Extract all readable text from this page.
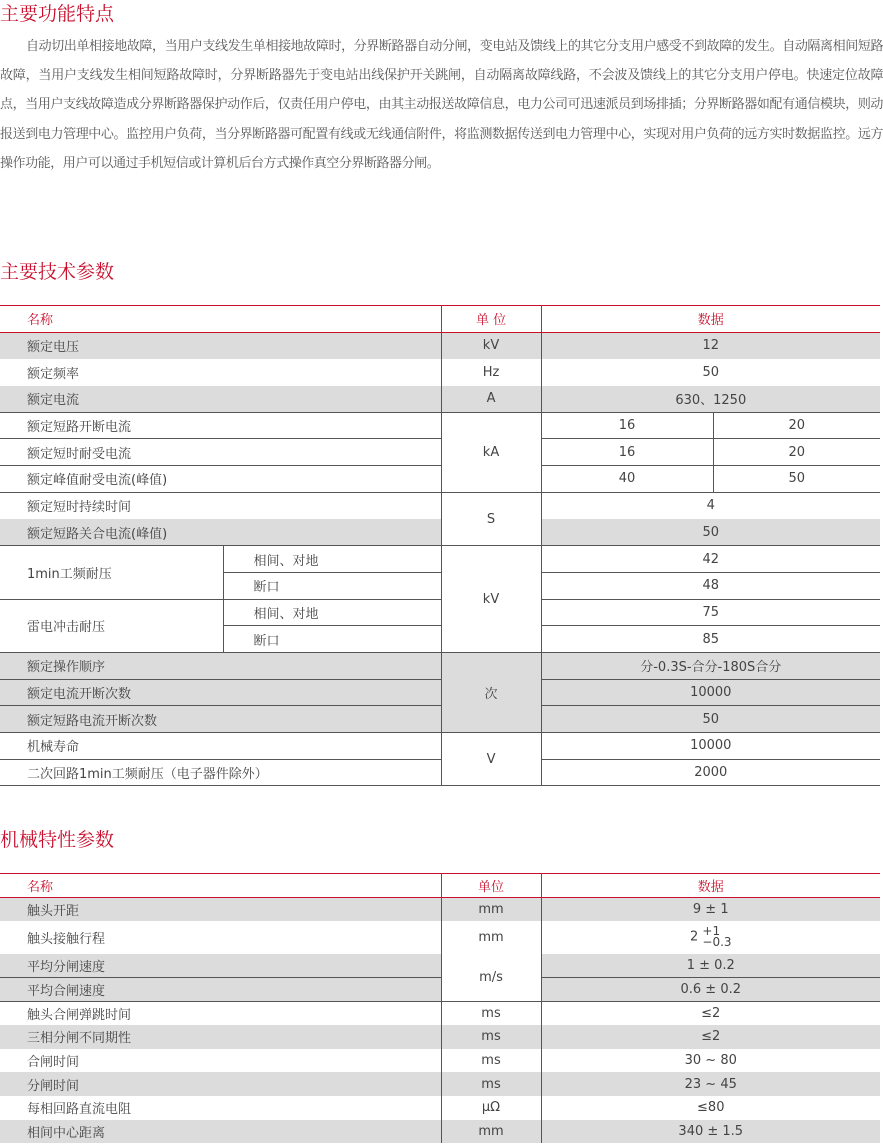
主要功能特点

自动切出单相接地故障，当用户支线发生单相接地故障时，分界断路器自动分闸，变电站及馈线上的其它分支用户感受不到故障的发生。自动隔离相间短路故障，当用户支线发生相间短路故障时，分界断路器先于变电站出线保护开关跳闸，自动隔离故障线路，不会波及馈线上的其它分支用户停电。快速定位故障点，当用户支线故障造成分界断路器保护动作后，仅责任用户停电，由其主动报送故障信息，电力公司可迅速派员到场排插；分界断路器如配有通信模块，则动报送到电力管理中心。监控用户负荷，当分界断路器可配置有线或无线通信附件，将监测数据传送到电力管理中心，实现对用户负荷的远方实时数据监控。远方操作功能，用户可以通过手机短信或计算机后台方式操作真空分界断路器分闸。

主要技术参数
名称		单 位	数据	
额定电压		kV	12	
额定频率		Hz	50	
额定电流		A	630、1250	
额定短路开断电流		kA	16	20
额定短时耐受电流			16	20
额定峰值耐受电流(峰值)			40	50
额定短时持续时间		S	4	
额定短路关合电流(峰值)			50	
1min工频耐压	相间、对地	kV	42	
	断口		48	
雷电冲击耐压	相间、对地		75	
	断口		85	
额定操作顺序		次	分-0.3S-合分-180S合分	
额定电流开断次数			10000	
额定短路电流开断次数			50	
机械寿命		V	10000	
二次回路1min工频耐压（电子器件除外）			2000	
机械特性参数
名称	单位	数据
触头开距	mm	9 ± 1
触头接触行程	mm	2 +1
−0.3

平均分闸速度	m/s	1 ± 0.2
平均合闸速度		0.6 ± 0.2
触头合闸弹跳时间	ms	≤2
三相分闸不同期性	ms	≤2
合闸时间	ms	30 ~ 80
分闸时间	ms	23 ~ 45
每相回路直流电阻	μΩ	≤80
相间中心距离	mm	340 ± 1.5
